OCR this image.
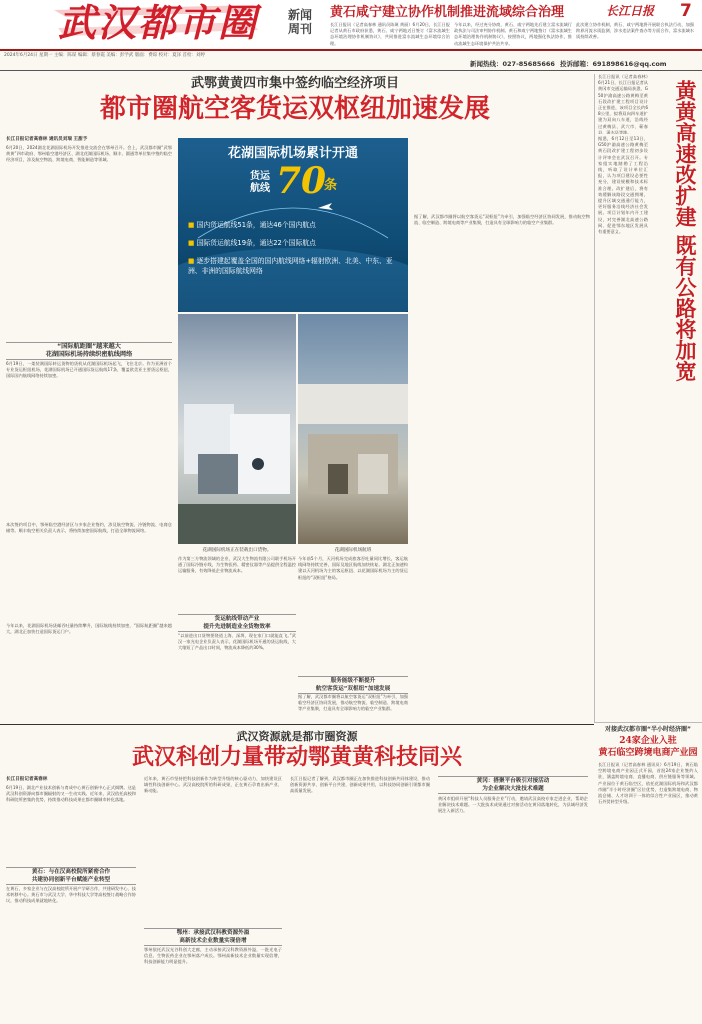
武汉都市圈 新闻
周刊
黄石咸宁建立协作机制推进流域综合治理	长江日报 7
长江日报讯（记者高春林 通讯员陈瑛 黄丽）6月20日，长江日报记者从黄石市政府获悉，黄石、咸宁两地近日签订《富水流域生态环境治理协作机制协议》，共同推进富水流域生态环境综合治理。
今年以来，经过充分协商，黄石、咸宁两地先后建立富水流域行政执法与司法审判协作机制。黄石和咸宁两地签订《富水流域生态环境治理协作机制协议》，按照协议，两地强化执法协作，推动流域生态环境保护共治共享。
此次建立协作机制，黄石、咸宁两地将开展联合执法行动，加强跨界河流水质监测、涉水违法案件查办等方面合作，富水流域水质持续改善。
2024年6月24日 星期一 主编：陈谋 编辑：蔡春霞 美编：彭学武 版面：费琼 校对：夏泽 首检：刘婷
新闻热线：027-85685666 投诉邮箱：691898616@qq.com
武鄂黄黄四市集中签约临空经济项目
都市圈航空客货运双枢纽加速发展
长江日报记者高春林 通讯员刘瑞 王甜予
6月20日，2024湖北花湖国际机场开发推进交流会在鄂州召开。会上，武汉都市圈“武鄂黄黄”四市政府、鄂州临空港经济区、湖北花湖国际机场、顺丰、圆通等单位集中签约临空经济项目，涉及航空物流、跨境电商、智能制造等领域。
“国际航距圈”越来越大
花湖国际机场持续织密航线网络
6月19日，一架装满国际转运货物的货机从花湖国际机场起飞，飞往北京。作为亚洲首个专业货运枢纽机场，花湖国际机场已开通国际货运航线17条，覆盖欧美亚主要货运枢纽，国际国内航线网络持续加密。
本次签约项目中，鄂州临空港经济区与多家企业签约，涉及航空物流、冷链物流、电商仓储等。顺丰航空相关负责人表示，将持续加密国际航线，打造全球物流网络。
今年以来，花湖国际机场货邮吞吐量持续攀升，国际航线持续加密，“国际航距圈”越来越大，湖北正加快打造国际货运门户。
花湖国际机场累计开通
货运
航线 70
条
■ 国内货运航线51条，通达46个国内航点
■ 国际货运航线19条，通达22个国际航点
■ 逐步搭建起覆盖全国的国内航线网络+辐射欧洲、北美、中东、亚洲、非洲的国际航线网络
花湖国际机场正在装载出口货物。	花湖国际机场航班
作为第三方物流领域的企业，武汉大生物流有限公司联手机场开通了国际冷链专线，为生物医药、精密仪器等产品提供全程温控运输服务，有效降低企业物流成本。
货运航线带动产业
提升先进制造业全货物效率
“以前进出口货物要绕道上海、深圳，现在家门口就能直飞。”武汉一家光电企业负责人表示，花湖国际机场开通的货运航线，大大缩短了产品出口时间，物流成本降低约30%。
今年前5个月，天河机场完成旅客吞吐量同比增长，客运航线网络持续完善，国际及地区航线加快恢复。湖北正加速构建以天河机场为主的客运枢纽、以花湖国际机场为主的货运枢纽的“双枢纽”格局。
服务能级不断提升
航空客货运“双枢纽”加速发展
据了解，武汉都市圈将以航空客货运“双枢纽”为牵引，加强临空经济区协同发展，推动航空物流、临空制造、跨境电商等产业集聚，打造具有全球影响力的临空产业集群。
据了解，武汉都市圈将以航空客货运“双枢纽”为牵引，加强临空经济区协同发展，推动航空物流、临空制造、跨境电商等产业集聚，打造具有全球影响力的临空产业集群。
长江日报讯（记者高春林）6月21日，长江日报记者从黄冈市交通运输局获悉，G50沪渝高速公路黄梅至黄石段改扩建工程项目设计正在推进，该项目全长约68公里，拟将双向四车道扩建为双向八车道，沿线经过黄梅县、武穴市、蕲春县、浠水县等地。
据悉，6月12日至13日，G50沪渝高速公路黄梅至黄石段改扩建工程初步设计评审会在武汉召开。专家组实地踏勘了工程沿线，听取了设计单位汇报，认为项目建设必要性充分，建设规模和技术标准合理。改扩建后，将有效缓解该路段交通拥堵，提升区域交通通行能力，更好服务沿线经济社会发展。项目计划年内开工建设，对完善湖北高速公路网、促进鄂东地区发展具有重要意义。	黄黄高速改扩建 既有公路将加宽
对接武汉都市圈“半小时经济圈”
24家企业入驻
黄石临空跨境电商产业园
长江日报讯（记者高春林 通讯员）6月19日，黄石临空跨境电商产业园正式开园，首批24家企业签约入驻，涵盖跨境电商、直播电商、供应链服务等领域。产业园位于黄石临空区，依托花湖国际机场和武汉都市圈“半小时经济圈”区位优势，打造集跨境电商、物流仓储、人才培训于一体的综合性产业园区，推动黄石外贸转型升级。
武汉资源就是都市圈资源
武汉科创力量带动鄂黄黄科技同兴
长江日报记者高春林
6月19日，湖北产业技术创新与育成中心黄石创新中心正式揭牌。这是武汉科创资源向都市圈辐射的又一生动实践。近年来，武汉依托高校和科研院所密集的优势，持续推动科技成果在都市圈城市转化落地。
黄石：与在汉高校院所紧密合作
共建协同创新平台赋能产业转型
在黄石，多家企业与在汉高校院所开展产学研合作，共建研发中心、技术转移中心。黄石市与武汉大学、华中科技大学等高校签订战略合作协议，推动科技成果就地转化。
近年来，黄石市坚持把科技创新作为转型升级的核心驱动力，加快建设区域性科技创新中心。武汉高校院所的科研成果，正在黄石孕育出新产业、新动能。
鄂州：承接武汉科教资源外溢
高新技术企业数量实现倍增
鄂州依托武汉光谷科创大走廊，主动承接武汉科教资源外溢，一批光电子信息、生物医药企业在鄂州落户成长。鄂州高新技术企业数量实现倍增，科技创新能力明显提升。
长江日报记者了解到，武汉都市圈正在加快推进科技创新共同体建设，推动创新资源共享、创新平台共建、创新成果共用，以科技协同创新引领都市圈高质量发展。
黄冈：搭聚平台吸引对接活动
为企业解决大批技术难题
黄冈市组织开展“科技人员服务企业”行动，邀请武汉高校专家走进企业，帮助企业解决技术难题。一大批技术成果通过对接活动在黄冈落地转化，为县域经济发展注入新活力。
